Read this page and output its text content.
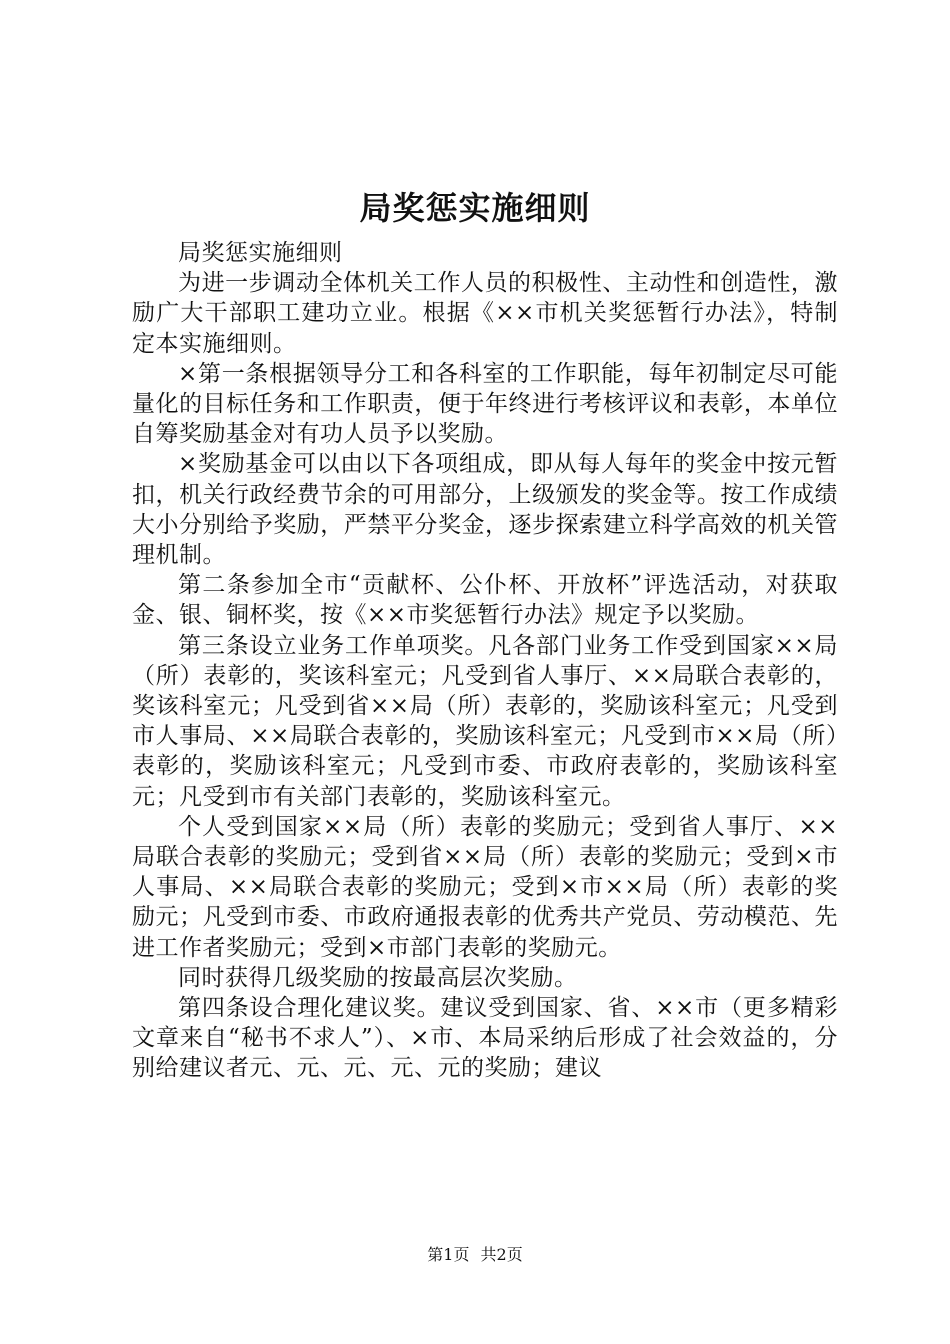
局奖惩实施细则

局奖惩实施细则

为进一步调动全体机关工作人员的积极性、主动性和创造性，激励广大干部职工建功立业。根据《××市机关奖惩暂行办法》，特制定本实施细则。

×第一条根据领导分工和各科室的工作职能，每年初制定尽可能量化的目标任务和工作职责，便于年终进行考核评议和表彰，本单位自筹奖励基金对有功人员予以奖励。

×奖励基金可以由以下各项组成，即从每人每年的奖金中按元暂扣，机关行政经费节余的可用部分，上级颁发的奖金等。按工作成绩大小分别给予奖励，严禁平分奖金，逐步探索建立科学高效的机关管理机制。

第二条参加全市“贡献杯、公仆杯、开放杯”评选活动，对获取金、银、铜杯奖，按《××市奖惩暂行办法》规定予以奖励。

第三条设立业务工作单项奖。凡各部门业务工作受到国家××局（所）表彰的，奖该科室元；凡受到省人事厅、××局联合表彰的，奖该科室元；凡受到省××局（所）表彰的，奖励该科室元；凡受到市人事局、××局联合表彰的，奖励该科室元；凡受到市××局（所）表彰的，奖励该科室元；凡受到市委、市政府表彰的，奖励该科室元；凡受到市有关部门表彰的，奖励该科室元。

个人受到国家××局（所）表彰的奖励元；受到省人事厅、××局联合表彰的奖励元；受到省××局（所）表彰的奖励元；受到×市人事局、××局联合表彰的奖励元；受到×市××局（所）表彰的奖励元；凡受到市委、市政府通报表彰的优秀共产党员、劳动模范、先进工作者奖励元；受到×市部门表彰的奖励元。

同时获得几级奖励的按最高层次奖励。

第四条设合理化建议奖。建议受到国家、省、××市（更多精彩文章来自“秘书不求人”）、×市、本局采纳后形成了社会效益的，分别给建议者元、元、元、元、元的奖励；建议

第1页 共2页
